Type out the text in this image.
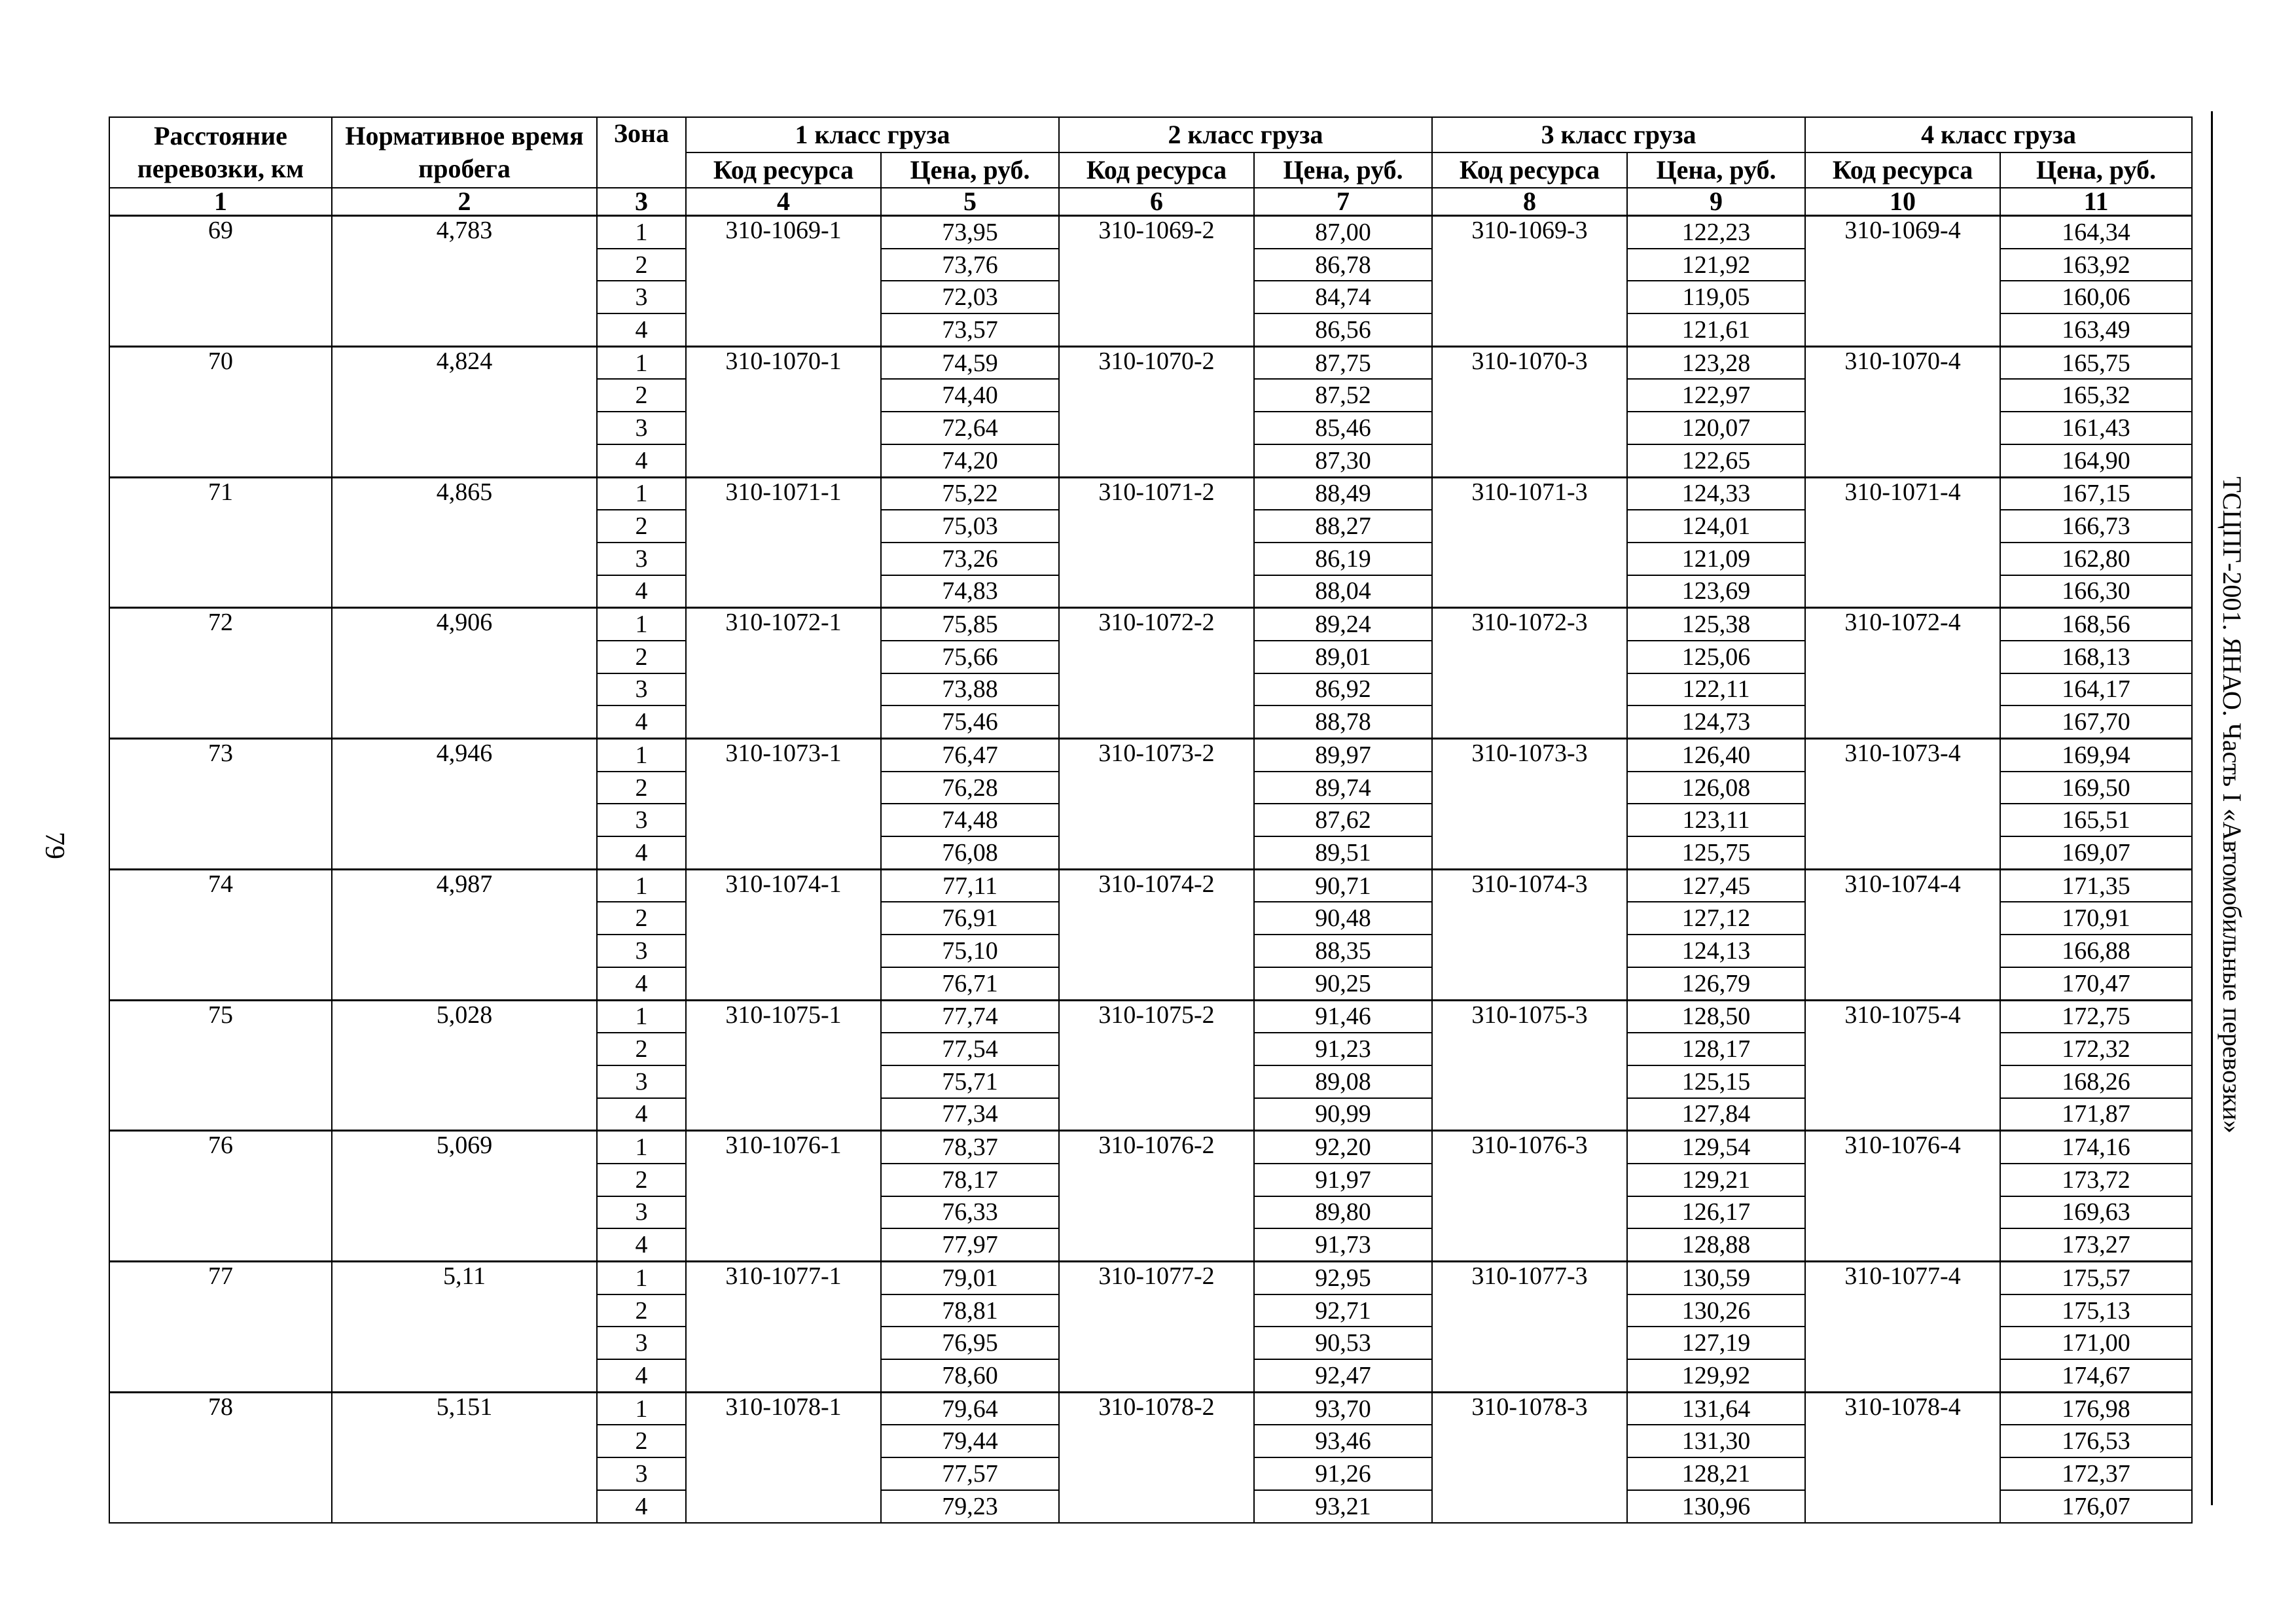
79
Расстояние перевозки, км	Нормативное время пробега	Зона	1 класс груза		2 класс груза		3 класс груза		4 класс груза	
			Код ресурса	Цена, руб.	Код ресурса	Цена, руб.	Код ресурса	Цена, руб.	Код ресурса	Цена, руб.
1	2	3	4	5	6	7	8	9	10	11
69	4,783	1	310-1069-1	73,95	310-1069-2	87,00	310-1069-3	122,23	310-1069-4	164,34
		2		73,76		86,78		121,92		163,92
		3		72,03		84,74		119,05		160,06
		4		73,57		86,56		121,61		163,49
70	4,824	1	310-1070-1	74,59	310-1070-2	87,75	310-1070-3	123,28	310-1070-4	165,75
		2		74,40		87,52		122,97		165,32
		3		72,64		85,46		120,07		161,43
		4		74,20		87,30		122,65		164,90
71	4,865	1	310-1071-1	75,22	310-1071-2	88,49	310-1071-3	124,33	310-1071-4	167,15
		2		75,03		88,27		124,01		166,73
		3		73,26		86,19		121,09		162,80
		4		74,83		88,04		123,69		166,30
72	4,906	1	310-1072-1	75,85	310-1072-2	89,24	310-1072-3	125,38	310-1072-4	168,56
		2		75,66		89,01		125,06		168,13
		3		73,88		86,92		122,11		164,17
		4		75,46		88,78		124,73		167,70
73	4,946	1	310-1073-1	76,47	310-1073-2	89,97	310-1073-3	126,40	310-1073-4	169,94
		2		76,28		89,74		126,08		169,50
		3		74,48		87,62		123,11		165,51
		4		76,08		89,51		125,75		169,07
74	4,987	1	310-1074-1	77,11	310-1074-2	90,71	310-1074-3	127,45	310-1074-4	171,35
		2		76,91		90,48		127,12		170,91
		3		75,10		88,35		124,13		166,88
		4		76,71		90,25		126,79		170,47
75	5,028	1	310-1075-1	77,74	310-1075-2	91,46	310-1075-3	128,50	310-1075-4	172,75
		2		77,54		91,23		128,17		172,32
		3		75,71		89,08		125,15		168,26
		4		77,34		90,99		127,84		171,87
76	5,069	1	310-1076-1	78,37	310-1076-2	92,20	310-1076-3	129,54	310-1076-4	174,16
		2		78,17		91,97		129,21		173,72
		3		76,33		89,80		126,17		169,63
		4		77,97		91,73		128,88		173,27
77	5,11	1	310-1077-1	79,01	310-1077-2	92,95	310-1077-3	130,59	310-1077-4	175,57
		2		78,81		92,71		130,26		175,13
		3		76,95		90,53		127,19		171,00
		4		78,60		92,47		129,92		174,67
78	5,151	1	310-1078-1	79,64	310-1078-2	93,70	310-1078-3	131,64	310-1078-4	176,98
		2		79,44		93,46		131,30		176,53
		3		77,57		91,26		128,21		172,37
		4		79,23		93,21		130,96		176,07
ТСЦПГ-2001. ЯНАО. Часть I «Автомобильные перевозки»
